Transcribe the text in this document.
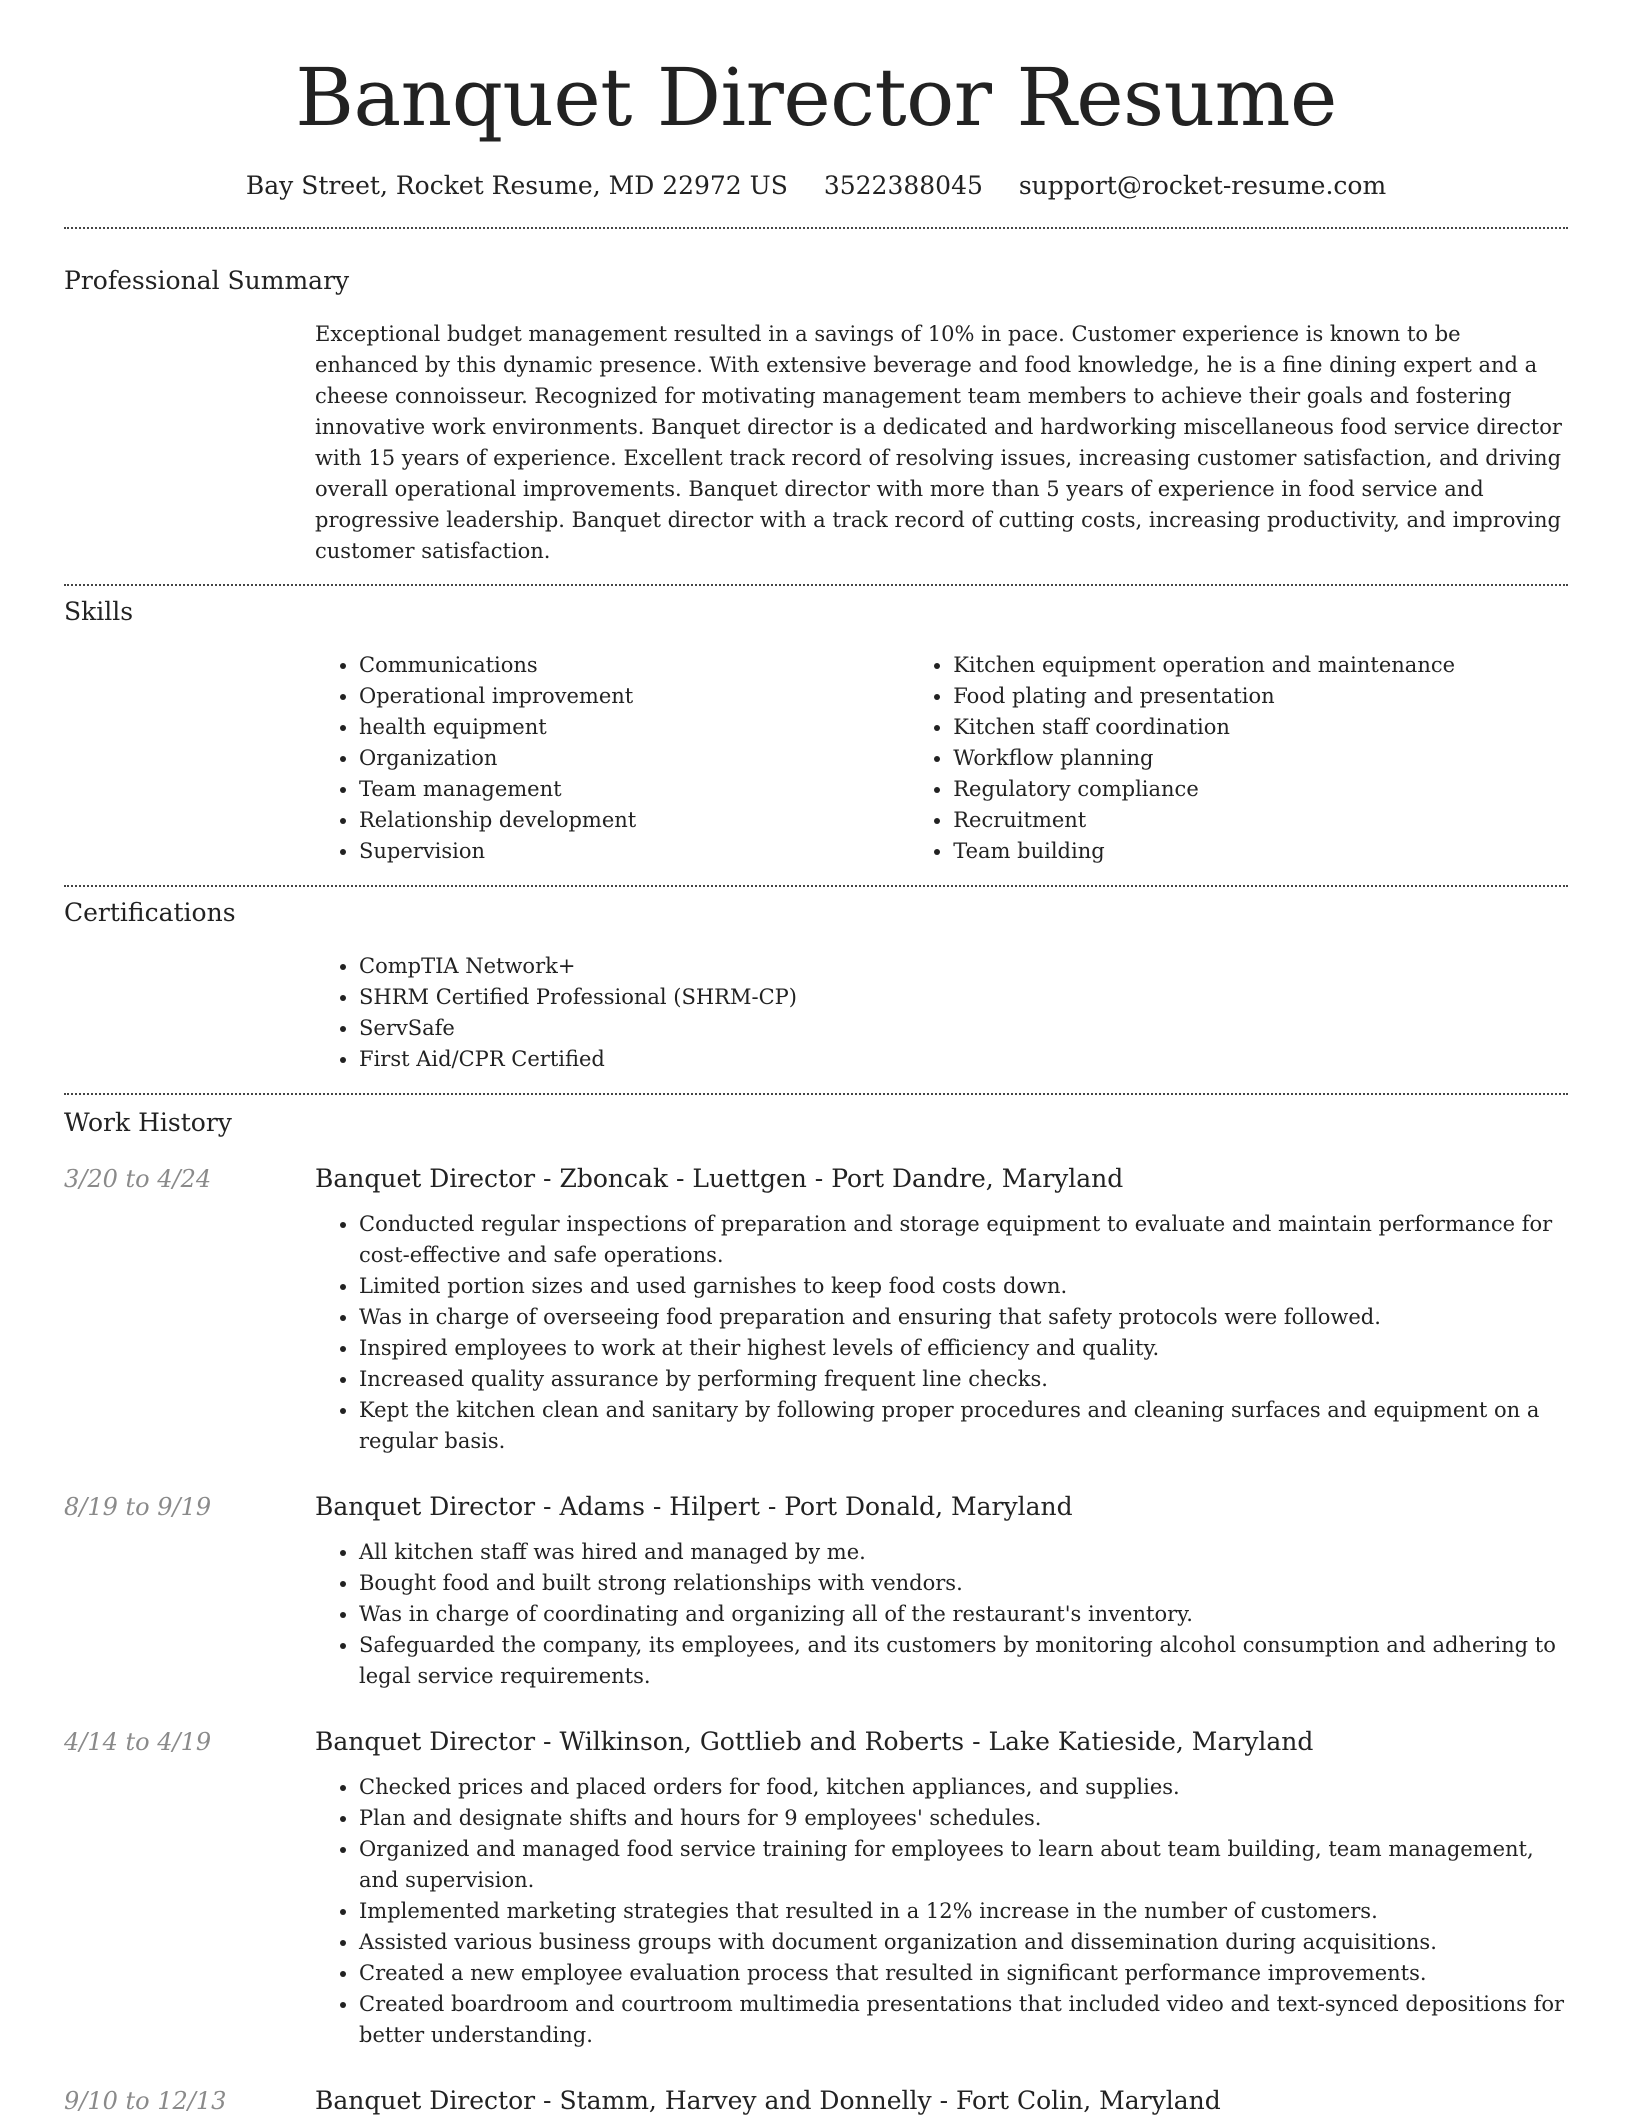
Banquet Director Resume
Bay Street, Rocket Resume, MD 22972 US 3522388045 support@rocket-resume.com
Professional Summary

Exceptional budget management resulted in a savings of 10% in pace. Customer experience is known to be enhanced by this dynamic presence. With extensive beverage and food knowledge, he is a fine dining expert and a cheese connoisseur. Recognized for motivating management team members to achieve their goals and fostering innovative work environments. Banquet director is a dedicated and hardworking miscellaneous food service director with 15 years of experience. Excellent track record of resolving issues, increasing customer satisfaction, and driving overall operational improvements. Banquet director with more than 5 years of experience in food service and progressive leadership. Banquet director with a track record of cutting costs, increasing productivity, and improving customer satisfaction.

Skills
• Communications
• Operational improvement
• health equipment
• Organization
• Team management
• Relationship development
• Supervision
• Kitchen equipment operation and maintenance
• Food plating and presentation
• Kitchen staff coordination
• Workflow planning
• Regulatory compliance
• Recruitment
• Team building
Certifications
• CompTIA Network+
• SHRM Certified Professional (SHRM-CP)
• ServSafe
• First Aid/CPR Certified
Work History
3/20 to 4/24	Banquet Director - Zboncak - Luettgen - Port Dandre, Maryland
• Conducted regular inspections of preparation and storage equipment to evaluate and maintain performance for cost-effective and safe operations.
• Limited portion sizes and used garnishes to keep food costs down.
• Was in charge of overseeing food preparation and ensuring that safety protocols were followed.
• Inspired employees to work at their highest levels of efficiency and quality.
• Increased quality assurance by performing frequent line checks.
• Kept the kitchen clean and sanitary by following proper procedures and cleaning surfaces and equipment on a regular basis.
8/19 to 9/19	Banquet Director - Adams - Hilpert - Port Donald, Maryland
• All kitchen staff was hired and managed by me.
• Bought food and built strong relationships with vendors.
• Was in charge of coordinating and organizing all of the restaurant's inventory.
• Safeguarded the company, its employees, and its customers by monitoring alcohol consumption and adhering to legal service requirements.
4/14 to 4/19	Banquet Director - Wilkinson, Gottlieb and Roberts - Lake Katieside, Maryland
• Checked prices and placed orders for food, kitchen appliances, and supplies.
• Plan and designate shifts and hours for 9 employees' schedules.
• Organized and managed food service training for employees to learn about team building, team management, and supervision.
• Implemented marketing strategies that resulted in a 12% increase in the number of customers.
• Assisted various business groups with document organization and dissemination during acquisitions.
• Created a new employee evaluation process that resulted in significant performance improvements.
• Created boardroom and courtroom multimedia presentations that included video and text-synced depositions for better understanding.
9/10 to 12/13	Banquet Director - Stamm, Harvey and Donnelly - Fort Colin, Maryland
